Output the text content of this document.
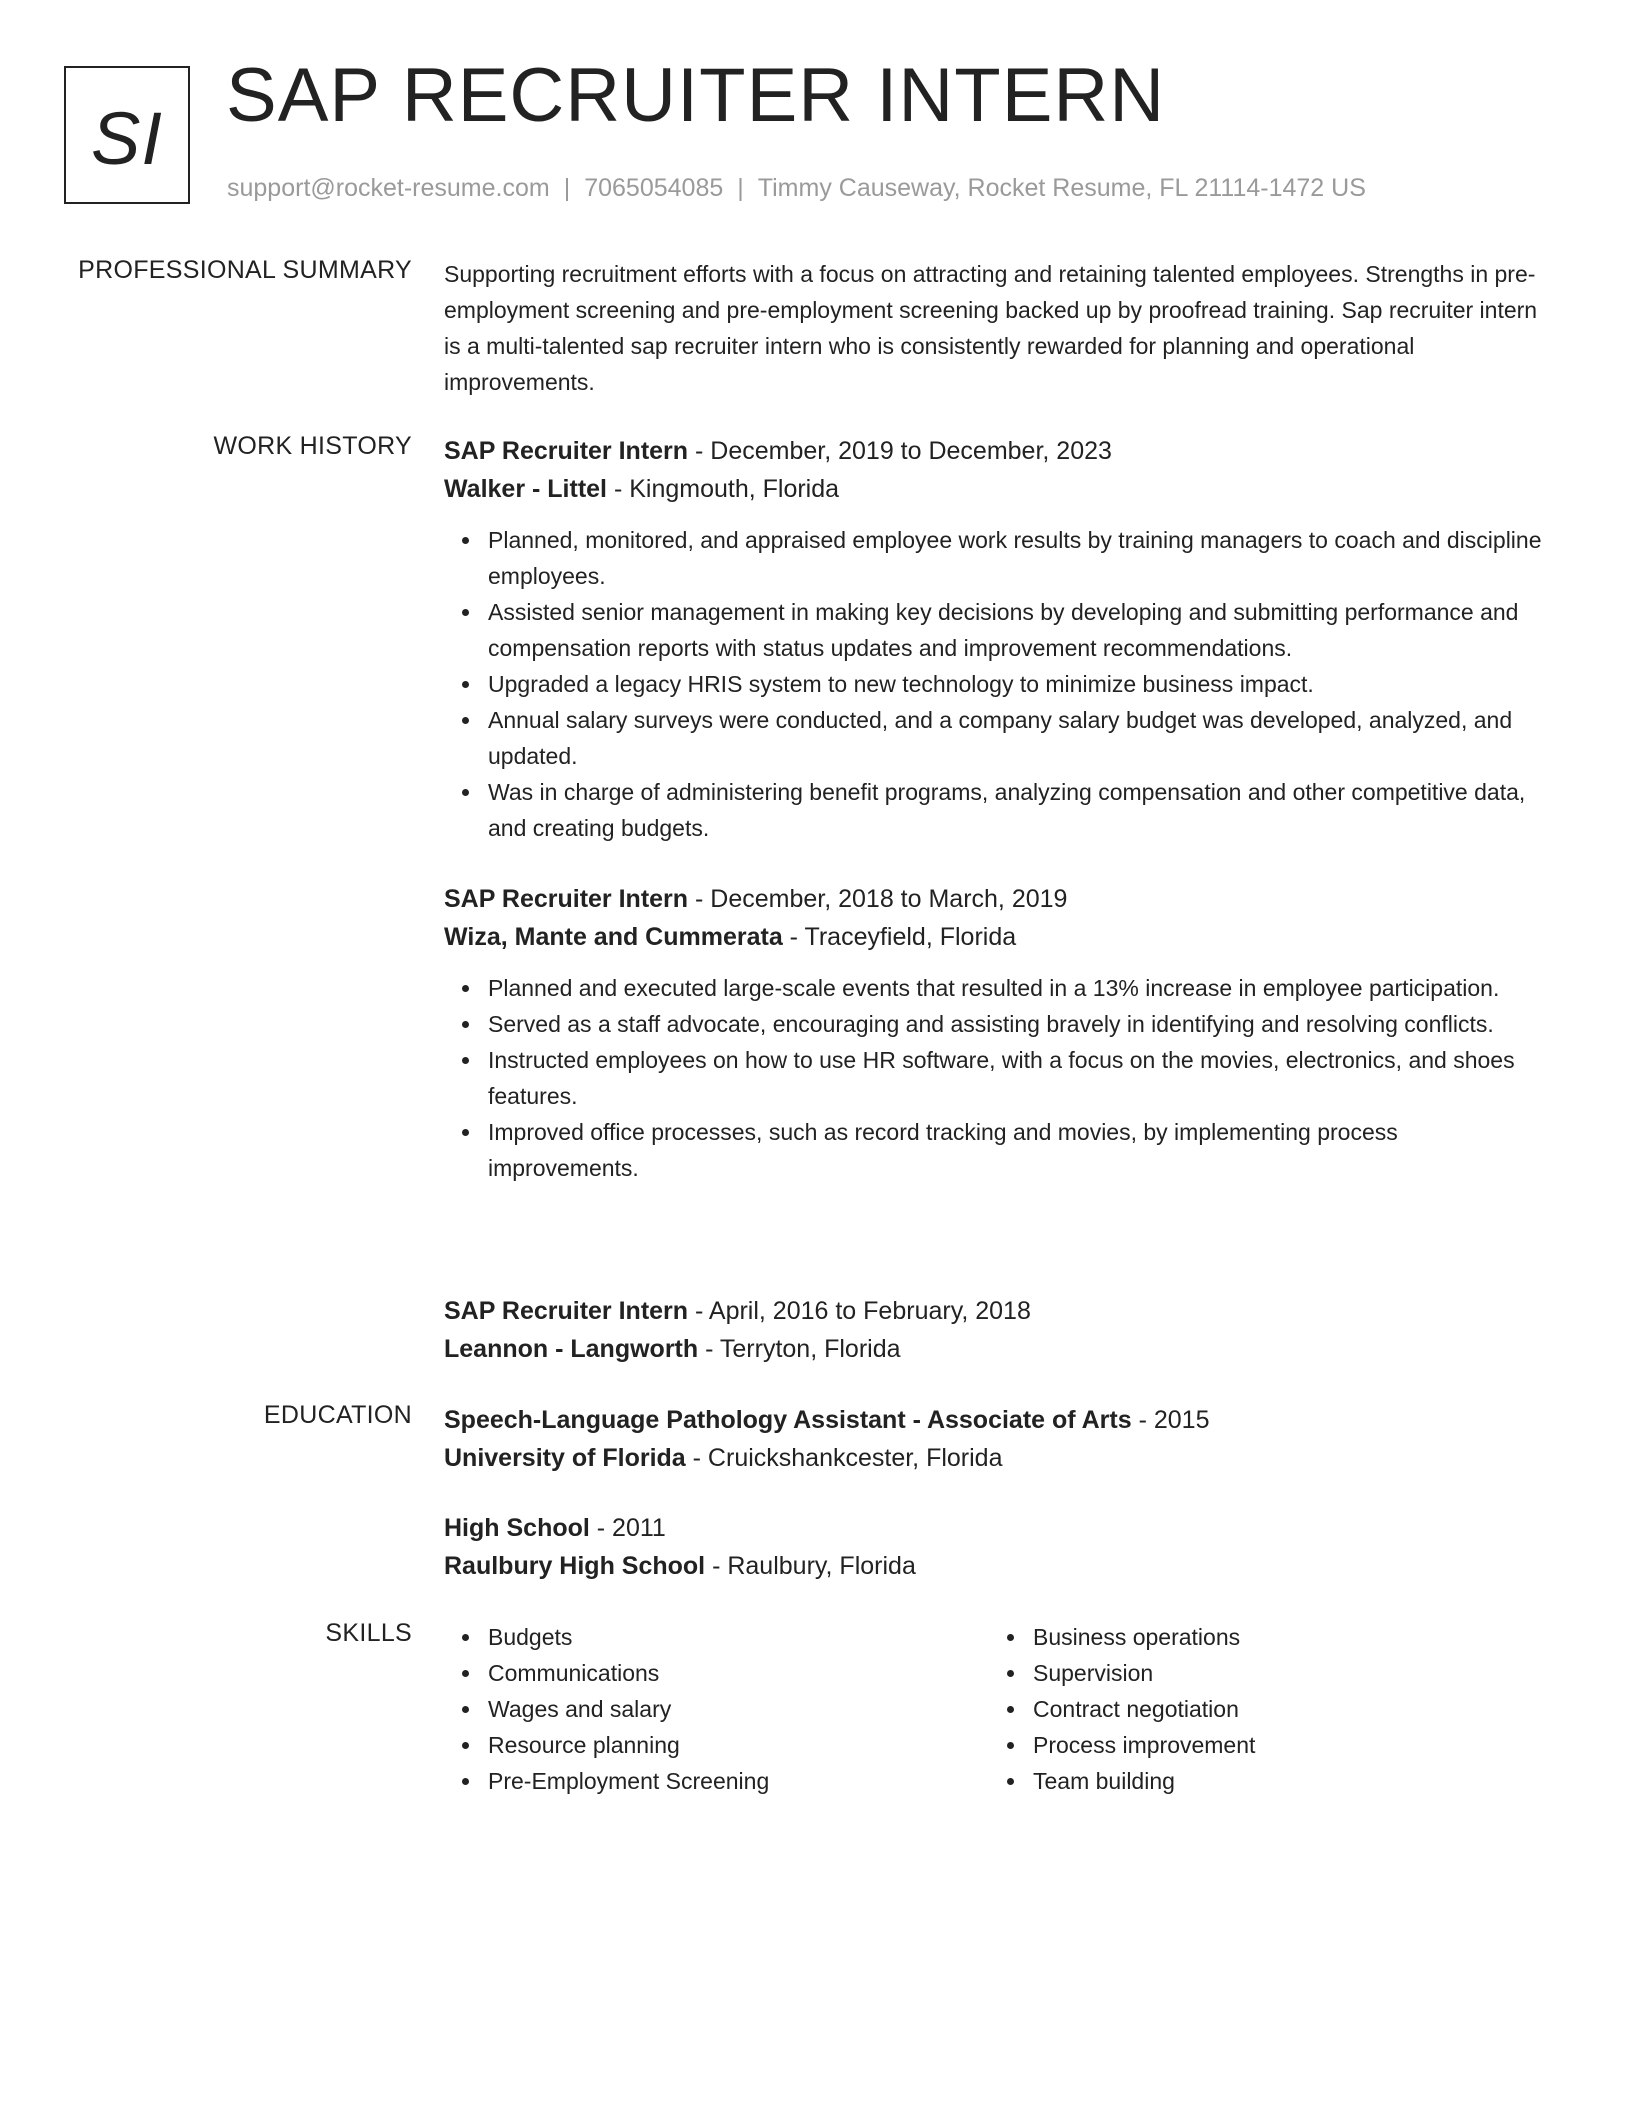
SI SAP RECRUITER INTERN
support@rocket-resume.com | 7065054085 | Timmy Causeway, Rocket Resume, FL 21114-1472 US
PROFESSIONAL SUMMARY Supporting recruitment efforts with a focus on attracting and retaining talented employees. Strengths in pre-employment screening and pre-employment screening backed up by proofread training. Sap recruiter intern is a multi-talented sap recruiter intern who is consistently rewarded for planning and operational improvements.

WORK HISTORY SAP Recruiter Intern - December, 2019 to December, 2023
Walker - Littel - Kingmouth, Florida
Planned, monitored, and appraised employee work results by training managers to coach and discipline employees.
Assisted senior management in making key decisions by developing and submitting performance and compensation reports with status updates and improvement recommendations.
Upgraded a legacy HRIS system to new technology to minimize business impact.
Annual salary surveys were conducted, and a company salary budget was developed, analyzed, and updated.
Was in charge of administering benefit programs, analyzing compensation and other competitive data, and creating budgets.
SAP Recruiter Intern - December, 2018 to March, 2019
Wiza, Mante and Cummerata - Traceyfield, Florida
Planned and executed large-scale events that resulted in a 13% increase in employee participation.
Served as a staff advocate, encouraging and assisting bravely in identifying and resolving conflicts.
Instructed employees on how to use HR software, with a focus on the movies, electronics, and shoes features.
Improved office processes, such as record tracking and movies, by implementing process improvements.
SAP Recruiter Intern - April, 2016 to February, 2018
Leannon - Langworth - Terryton, Florida
EDUCATION Speech-Language Pathology Assistant - Associate of Arts - 2015
University of Florida - Cruickshankcester, Florida
High School - 2011
Raulbury High School - Raulbury, Florida
SKILLS	Budgets
Communications
Wages and salary
Resource planning
Pre-Employment Screening
Business operations
Supervision
Contract negotiation
Process improvement
Team building
